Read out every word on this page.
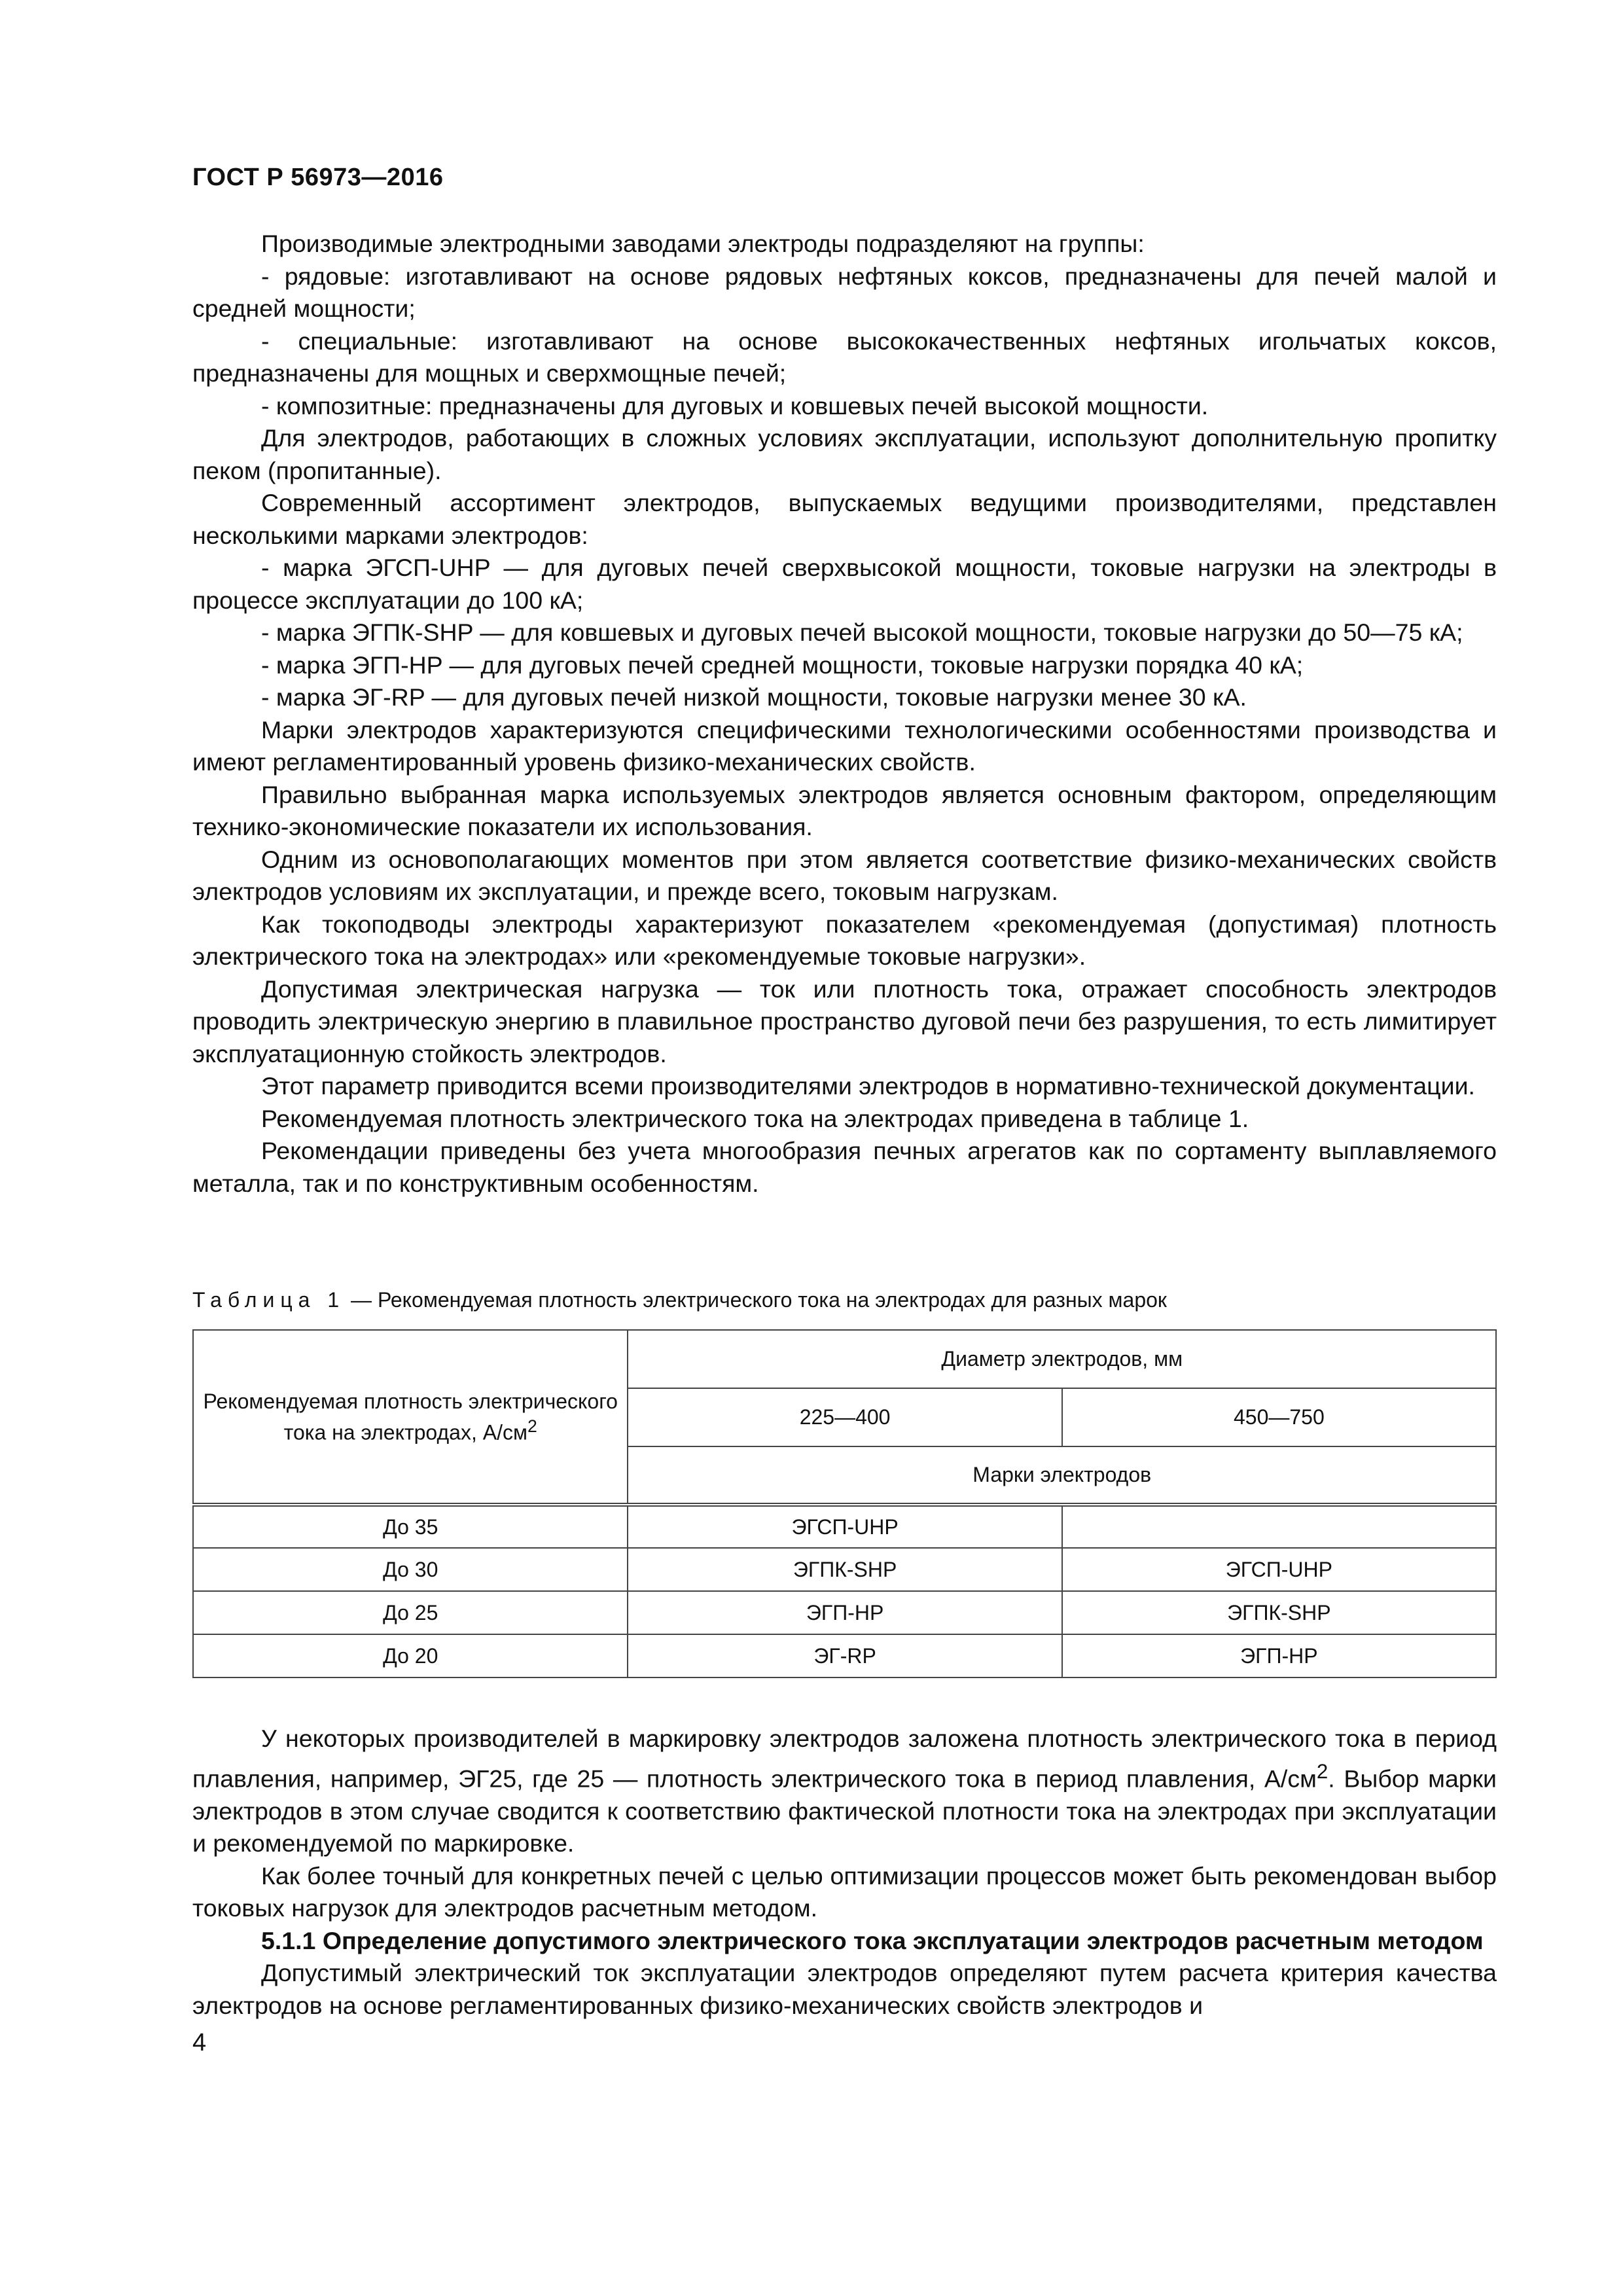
ГОСТ Р 56973—2016

Производимые электродными заводами электроды подразделяют на группы:

- рядовые: изготавливают на основе рядовых нефтяных коксов, предназначены для печей малой и средней мощности;

- специальные: изготавливают на основе высококачественных нефтяных игольчатых коксов, предназначены для мощных и сверхмощные печей;

- композитные: предназначены для дуговых и ковшевых печей высокой мощности.

Для электродов, работающих в сложных условиях эксплуатации, используют дополнительную пропитку пеком (пропитанные).

Современный ассортимент электродов, выпускаемых ведущими производителями, представлен несколькими марками электродов:

- марка ЭГСП-UHP — для дуговых печей сверхвысокой мощности, токовые нагрузки на электроды в процессе эксплуатации до 100 кА;

- марка ЭГПК-SHP — для ковшевых и дуговых печей высокой мощности, токовые нагрузки до 50—75 кА;

- марка ЭГП-HP — для дуговых печей средней мощности, токовые нагрузки порядка 40 кА;

- марка ЭГ-RP — для дуговых печей низкой мощности, токовые нагрузки менее 30 кА.

Марки электродов характеризуются специфическими технологическими особенностями производства и имеют регламентированный уровень физико-механических свойств.

Правильно выбранная марка используемых электродов является основным фактором, определяющим технико-экономические показатели их использования.

Одним из основополагающих моментов при этом является соответствие физико-механических свойств электродов условиям их эксплуатации, и прежде всего, токовым нагрузкам.

Как токоподводы электроды характеризуют показателем «рекомендуемая (допустимая) плотность электрического тока на электродах» или «рекомендуемые токовые нагрузки».

Допустимая электрическая нагрузка — ток или плотность тока, отражает способность электродов проводить электрическую энергию в плавильное пространство дуговой печи без разрушения, то есть лимитирует эксплуатационную стойкость электродов.

Этот параметр приводится всеми производителями электродов в нормативно-технической документации.

Рекомендуемая плотность электрического тока на электродах приведена в таблице 1.

Рекомендации приведены без учета многообразия печных агрегатов как по сортаменту выплавляемого металла, так и по конструктивным особенностям.

Таблица 1 — Рекомендуемая плотность электрического тока на электродах для разных марок
Рекомендуемая плотность электрического тока на электродах, $А/см^2$	Диаметр электродов, мм	
	225—400	450—750
	Марки электродов	
До 35	ЭГСП-UHP	
До 30	ЭГПК-SHP	ЭГСП-UHP
До 25	ЭГП-HP	ЭГПК-SHP
До 20	ЭГ-RP	ЭГП-HP

У некоторых производителей в маркировку электродов заложена плотность электрического тока в период плавления, например, ЭГ25, где 25 — плотность электрического тока в период плавления, $А/см^2$. Выбор марки электродов в этом случае сводится к соответствию фактической плотности тока на электродах при эксплуатации и рекомендуемой по маркировке.

Как более точный для конкретных печей с целью оптимизации процессов может быть рекомендован выбор токовых нагрузок для электродов расчетным методом.

5.1.1 Определение допустимого электрического тока эксплуатации электродов расчетным методом

Допустимый электрический ток эксплуатации электродов определяют путем расчета критерия качества электродов на основе регламентированных физико-механических свойств электродов и

4
